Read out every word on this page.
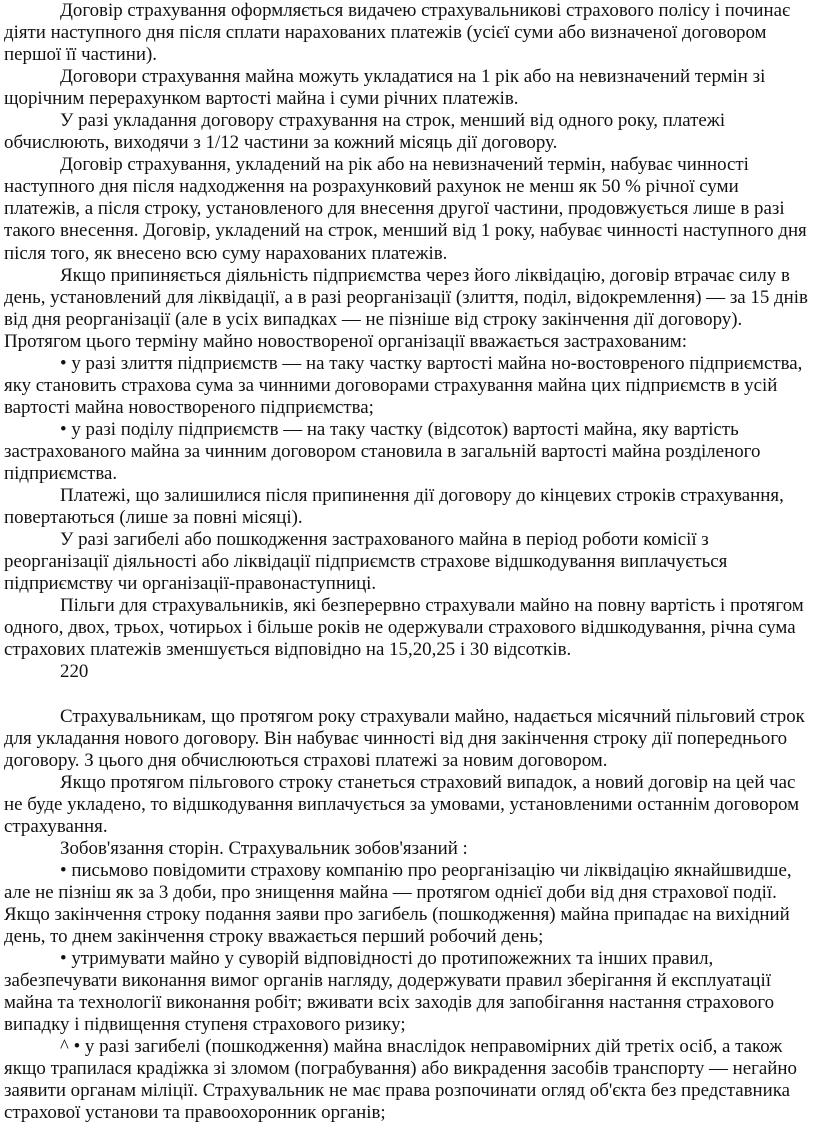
Договір страхування оформляється видачею страхувальникові страхового полісу і починає діяти наступного дня після сплати нарахованих платежів (усієї суми або визначеної договором першої її частини).

Договори страхування майна можуть укладатися на 1 рік або на невизначений термін зі щорічним перерахунком вартості майна і суми річних платежів.

У разі укладання договору страхування на строк, менший від одного року, платежі обчислюють, виходячи з 1/12 частини за кожний місяць дії договору.

Договір страхування, укладений на рік або на невизначений термін, набуває чинності наступного дня після надходження на розрахунковий рахунок не менш як 50 % річної суми платежів, а після строку, установленого для внесення другої частини, продовжується лише в разі такого внесення. Договір, укладений на строк, менший від 1 року, набуває чинності наступного дня після того, як внесено всю суму нарахованих платежів.

Якщо припиняється діяльність підприємства через його ліквідацію, договір втрачає силу в день, установлений для ліквідації, а в разі реорганізації (злиття, поділ, відокремлення) — за 15 днів від дня реорганізації (але в усіх випадках — не пізніше від строку закінчення дії договору). Протягом цього терміну майно новоствореної організації вважається застрахованим:

• у разі злиття підприємств — на таку частку вартості майна но-востовреного підприємства, яку становить страхова сума за чинними договорами страхування майна цих підприємств в усій вартості майна новоствореного підприємства;

• у разі поділу підприємств — на таку частку (відсоток) вартості майна, яку вартість застрахованого майна за чинним договором становила в загальній вартості майна розділеного підприємства.

Платежі, що залишилися після припинення дії договору до кінцевих строків страхування, повертаються (лише за повні місяці).

У разі загибелі або пошкодження застрахованого майна в період роботи комісії з реорганізації діяльності або ліквідації підприємств страхове відшкодування виплачується підприємству чи організації-правонаступниці.

Пільги для страхувальників, які безперервно страхували майно на повну вартість і протягом одного, двох, трьох, чотирьох і більше років не одержували страхового відшкодування, річна сума страхових платежів зменшується відповідно на 15,20,25 і 30 відсотків.

220

Страхувальникам, що протягом року страхували майно, надається місячний пільговий строк для укладання нового договору. Він набуває чинності від дня закінчення строку дії попереднього договору. З цього дня обчислюються страхові платежі за новим договором.

Якщо протягом пільгового строку станеться страховий випадок, а новий договір на цей час не буде укладено, то відшкодування виплачується за умовами, установленими останнім договором страхування.

Зобов'язання сторін. Страхувальник зобов'язаний :

• письмово повідомити страхову компанію про реорганізацію чи ліквідацію якнайшвидше, але не пізніш як за 3 доби, про знищення майна — протягом однієї доби від дня страхової події. Якщо закінчення строку подання заяви про загибель (пошкодження) майна припадає на вихідний день, то днем закінчення строку вважається перший робочий день;

• утримувати майно у суворій відповідності до протипожежних та інших правил, забезпечувати виконання вимог органів нагляду, додержувати правил зберігання й експлуатації майна та технології виконання робіт; вживати всіх заходів для запобігання настання страхового випадку і підвищення ступеня страхового ризику;

^ • у разі загибелі (пошкодження) майна внаслідок неправомірних дій третіх осіб, а також якщо трапилася крадіжка зі зломом (пограбування) або викрадення засобів транспорту — негайно заявити органам міліції. Страхувальник не має права розпочинати огляд об'єкта без представника страхової установи та правоохоронник органів;
